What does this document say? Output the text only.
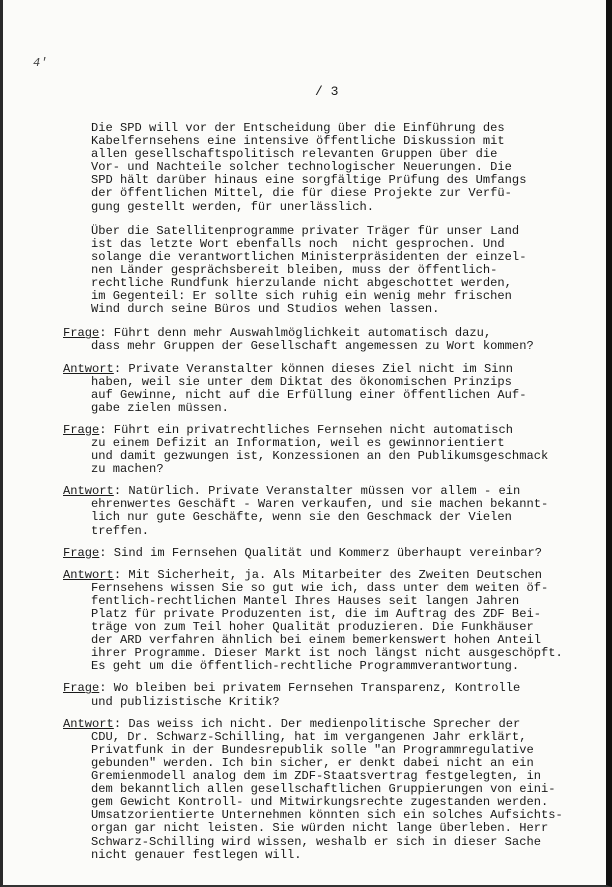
4'
/ 3
Die SPD will vor der Entscheidung über die Einführung des
Kabelfernsehens eine intensive öffentliche Diskussion mit
allen gesellschaftspolitisch relevanten Gruppen über die
Vor- und Nachteile solcher technologischer Neuerungen. Die
SPD hält darüber hinaus eine sorgfältige Prüfung des Umfangs
der öffentlichen Mittel, die für diese Projekte zur Verfü-
gung gestellt werden, für unerlässlich.
Über die Satellitenprogramme privater Träger für unser Land
ist das letzte Wort ebenfalls noch  nicht gesprochen. Und
solange die verantwortlichen Ministerpräsidenten der einzel-
nen Länder gesprächsbereit bleiben, muss der öffentlich-
rechtliche Rundfunk hierzulande nicht abgeschottet werden,
im Gegenteil: Er sollte sich ruhig ein wenig mehr frischen
Wind durch seine Büros und Studios wehen lassen.
Frage: Führt denn mehr Auswahlmöglichkeit automatisch dazu,
dass mehr Gruppen der Gesellschaft angemessen zu Wort kommen?
Antwort: Private Veranstalter können dieses Ziel nicht im Sinn
haben, weil sie unter dem Diktat des ökonomischen Prinzips
auf Gewinne, nicht auf die Erfüllung einer öffentlichen Auf-
gabe zielen müssen.
Frage: Führt ein privatrechtliches Fernsehen nicht automatisch
zu einem Defizit an Information, weil es gewinnorientiert
und damit gezwungen ist, Konzessionen an den Publikumsgeschmack
zu machen?
Antwort: Natürlich. Private Veranstalter müssen vor allem - ein
ehrenwertes Geschäft - Waren verkaufen, und sie machen bekannt-
lich nur gute Geschäfte, wenn sie den Geschmack der Vielen
treffen.
Frage: Sind im Fernsehen Qualität und Kommerz überhaupt vereinbar?
Antwort: Mit Sicherheit, ja. Als Mitarbeiter des Zweiten Deutschen
Fernsehens wissen Sie so gut wie ich, dass unter dem weiten öf-
fentlich-rechtlichen Mantel Ihres Hauses seit langen Jahren
Platz für private Produzenten ist, die im Auftrag des ZDF Bei-
träge von zum Teil hoher Qualität produzieren. Die Funkhäuser
der ARD verfahren ähnlich bei einem bemerkenswert hohen Anteil
ihrer Programme. Dieser Markt ist noch längst nicht ausgeschöpft.
Es geht um die öffentlich-rechtliche Programmverantwortung.
Frage: Wo bleiben bei privatem Fernsehen Transparenz, Kontrolle
und publizistische Kritik?
Antwort: Das weiss ich nicht. Der medienpolitische Sprecher der
CDU, Dr. Schwarz-Schilling, hat im vergangenen Jahr erklärt,
Privatfunk in der Bundesrepublik solle "an Programmregulative
gebunden" werden. Ich bin sicher, er denkt dabei nicht an ein
Gremienmodell analog dem im ZDF-Staatsvertrag festgelegten, in
dem bekanntlich allen gesellschaftlichen Gruppierungen von eini-
gem Gewicht Kontroll- und Mitwirkungsrechte zugestanden werden.
Umsatzorientierte Unternehmen könnten sich ein solches Aufsichts-
organ gar nicht leisten. Sie würden nicht lange überleben. Herr
Schwarz-Schilling wird wissen, weshalb er sich in dieser Sache
nicht genauer festlegen will.
